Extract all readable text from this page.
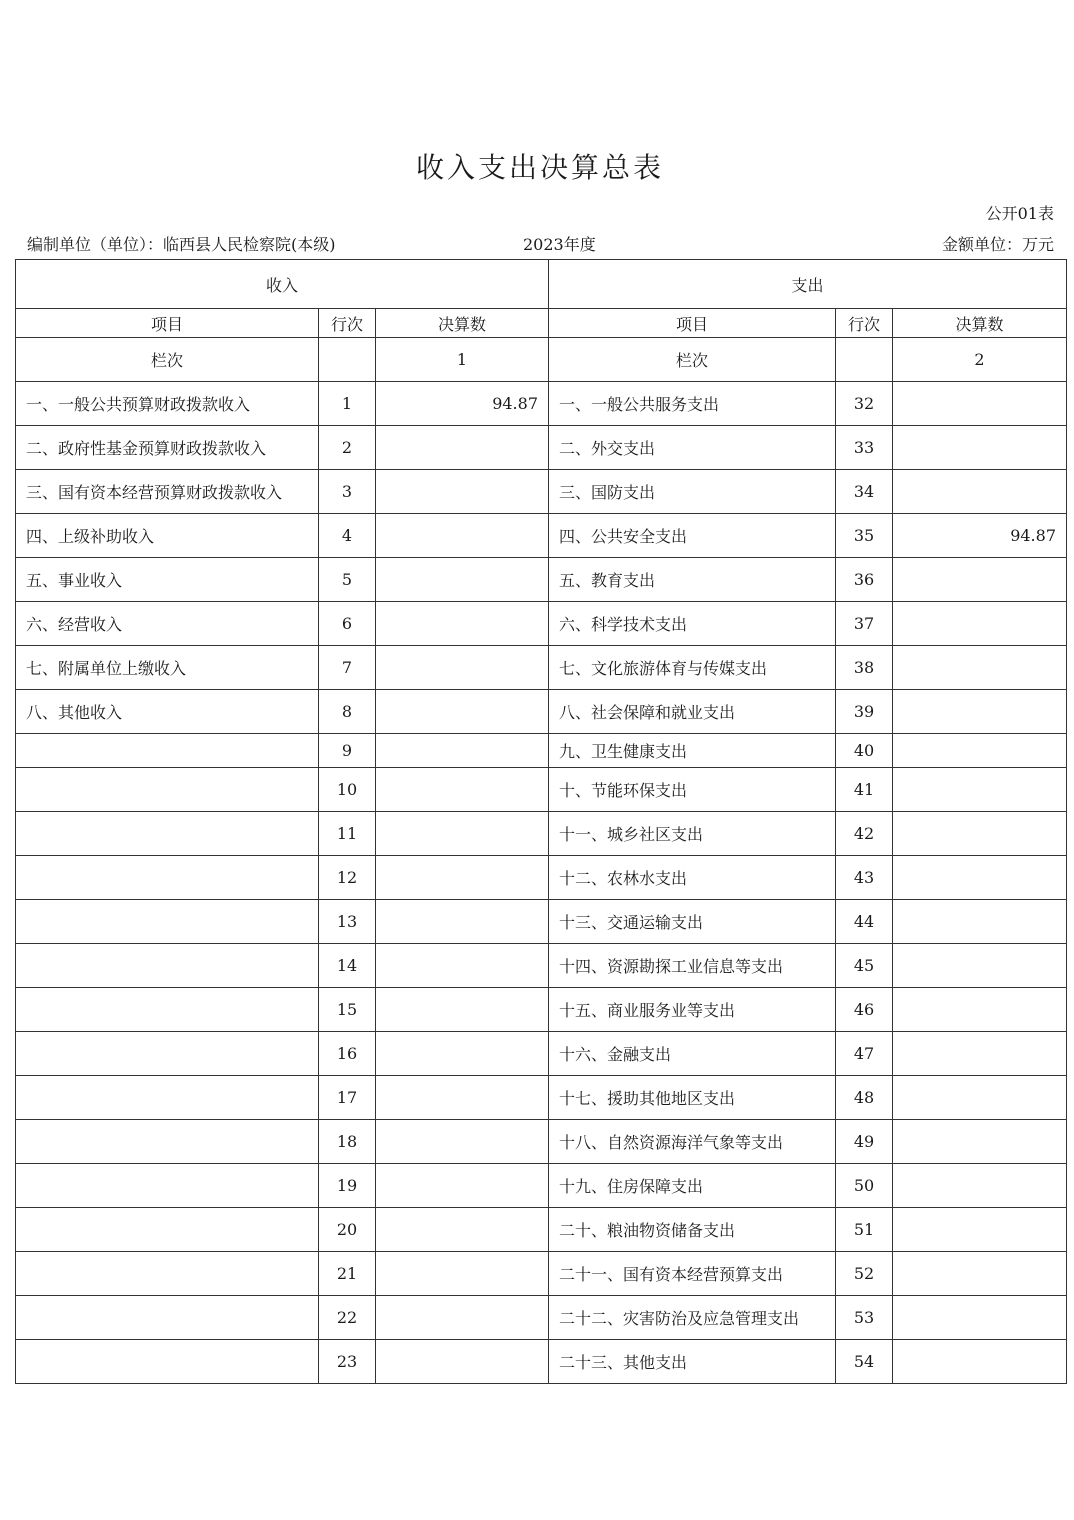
收入支出决算总表
公开01表
编制单位（单位）：临西县人民检察院(本级)	2023年度	金额单位：万元
收入			支出		
项目	行次	决算数	项目	行次	决算数
栏次		1	栏次		2
一、一般公共预算财政拨款收入	1	94.87	一、一般公共服务支出	32	
二、政府性基金预算财政拨款收入	2		二、外交支出	33	
三、国有资本经营预算财政拨款收入	3		三、国防支出	34	
四、上级补助收入	4		四、公共安全支出	35	94.87
五、事业收入	5		五、教育支出	36	
六、经营收入	6		六、科学技术支出	37	
七、附属单位上缴收入	7		七、文化旅游体育与传媒支出	38	
八、其他收入	8		八、社会保障和就业支出	39	
	9		九、卫生健康支出	40	
	10		十、节能环保支出	41	
	11		十一、城乡社区支出	42	
	12		十二、农林水支出	43	
	13		十三、交通运输支出	44	
	14		十四、资源勘探工业信息等支出	45	
	15		十五、商业服务业等支出	46	
	16		十六、金融支出	47	
	17		十七、援助其他地区支出	48	
	18		十八、自然资源海洋气象等支出	49	
	19		十九、住房保障支出	50	
	20		二十、粮油物资储备支出	51	
	21		二十一、国有资本经营预算支出	52	
	22		二十二、灾害防治及应急管理支出	53	
	23		二十三、其他支出	54	
